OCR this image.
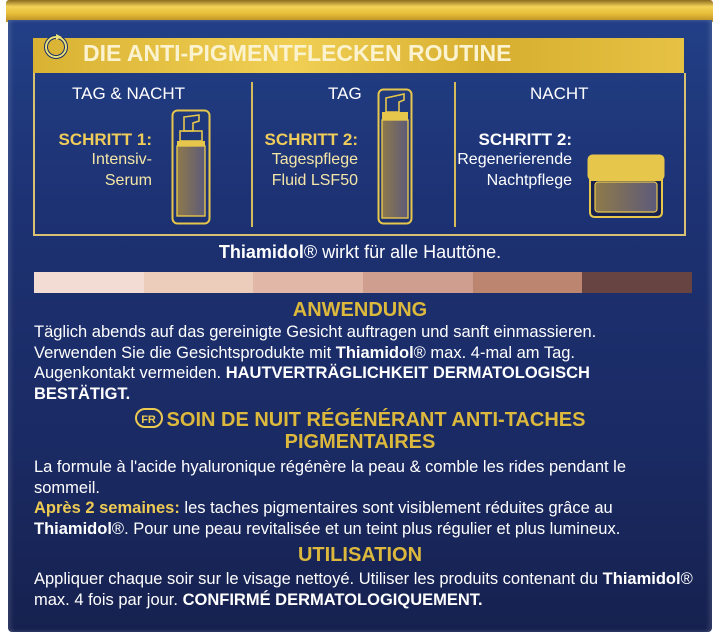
DIE ANTI-PIGMENTFLECKEN ROUTINE
TAG & NACHT
SCHRITT 1:
Intensiv-
Serum
TAG
SCHRITT 2:
Tagespflege
Fluid LSF50
NACHT
SCHRITT 2:
Regenerierende
Nachtpflege
Thiamidol® wirkt für alle Hauttöne.
ANWENDUNG
Täglich abends auf das gereinigte Gesicht auftragen und sanft einmassieren.
Verwenden Sie die Gesichtsprodukte mit Thiamidol® max. 4-mal am Tag.
Augenkontakt vermeiden. HAUTVERTRÄGLICHKEIT DERMATOLOGISCH BESTÄTIGT.
FR SOIN DE NUIT RÉGÉNÉRANT ANTI-TACHES
PIGMENTAIRES
La formule à l'acide hyaluronique régénère la peau & comble les rides pendant le sommeil.
Après 2 semaines: les taches pigmentaires sont visiblement réduites grâce au Thiamidol®. Pour une peau revitalisée et un teint plus régulier et plus lumineux.
UTILISATION
Appliquer chaque soir sur le visage nettoyé. Utiliser les produits contenant du Thiamidol® max. 4 fois par jour. CONFIRMÉ DERMATOLOGIQUEMENT.
